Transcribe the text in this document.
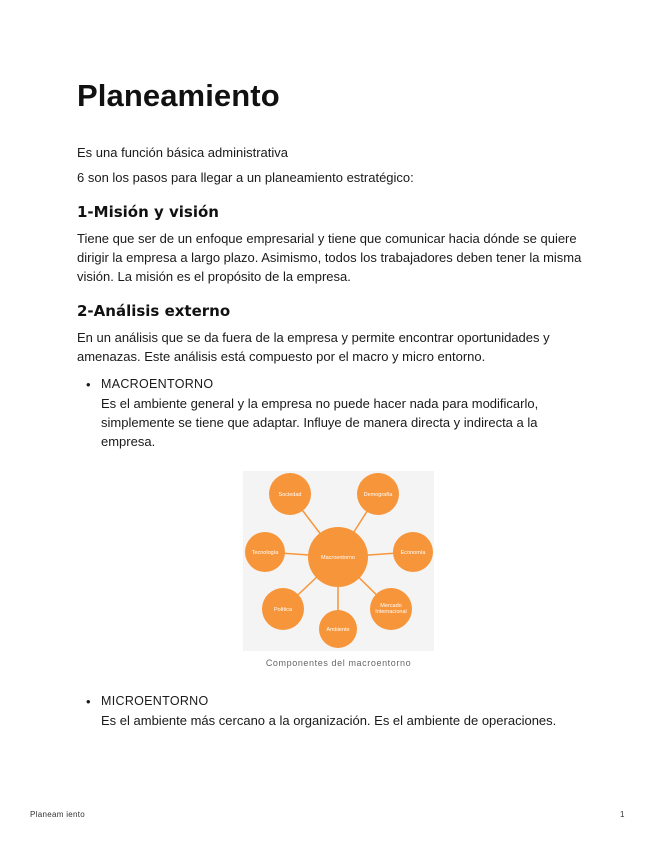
Planeamiento

Es una función básica administrativa

6 son los pasos para llegar a un planeamiento estratégico:

1-Misión y visión

Tiene que ser de un enfoque empresarial y tiene que comunicar hacia dónde se quiere dirigir la empresa a largo plazo. Asimismo, todos los trabajadores deben tener la misma visión. La misión es el propósito de la empresa.

2-Análisis externo

En un análisis que se da fuera de la empresa y permite encontrar oportunidades y amenazas. Este análisis está compuesto por el macro y micro entorno.

• MACROENTORNO
Es el ambiente general y la empresa no puede hacer nada para modificarlo, simplemente se tiene que adaptar. Influye de manera directa y indirecta a la empresa.
Macroentorno
Sociedad	Demografía
Tecnología	Economía
Política
Mercado
Internacional
Ambiente
Componentes del macroentorno
• MICROENTORNO
Es el ambiente más cercano a la organización. Es el ambiente de operaciones.
Planeam iento	1
